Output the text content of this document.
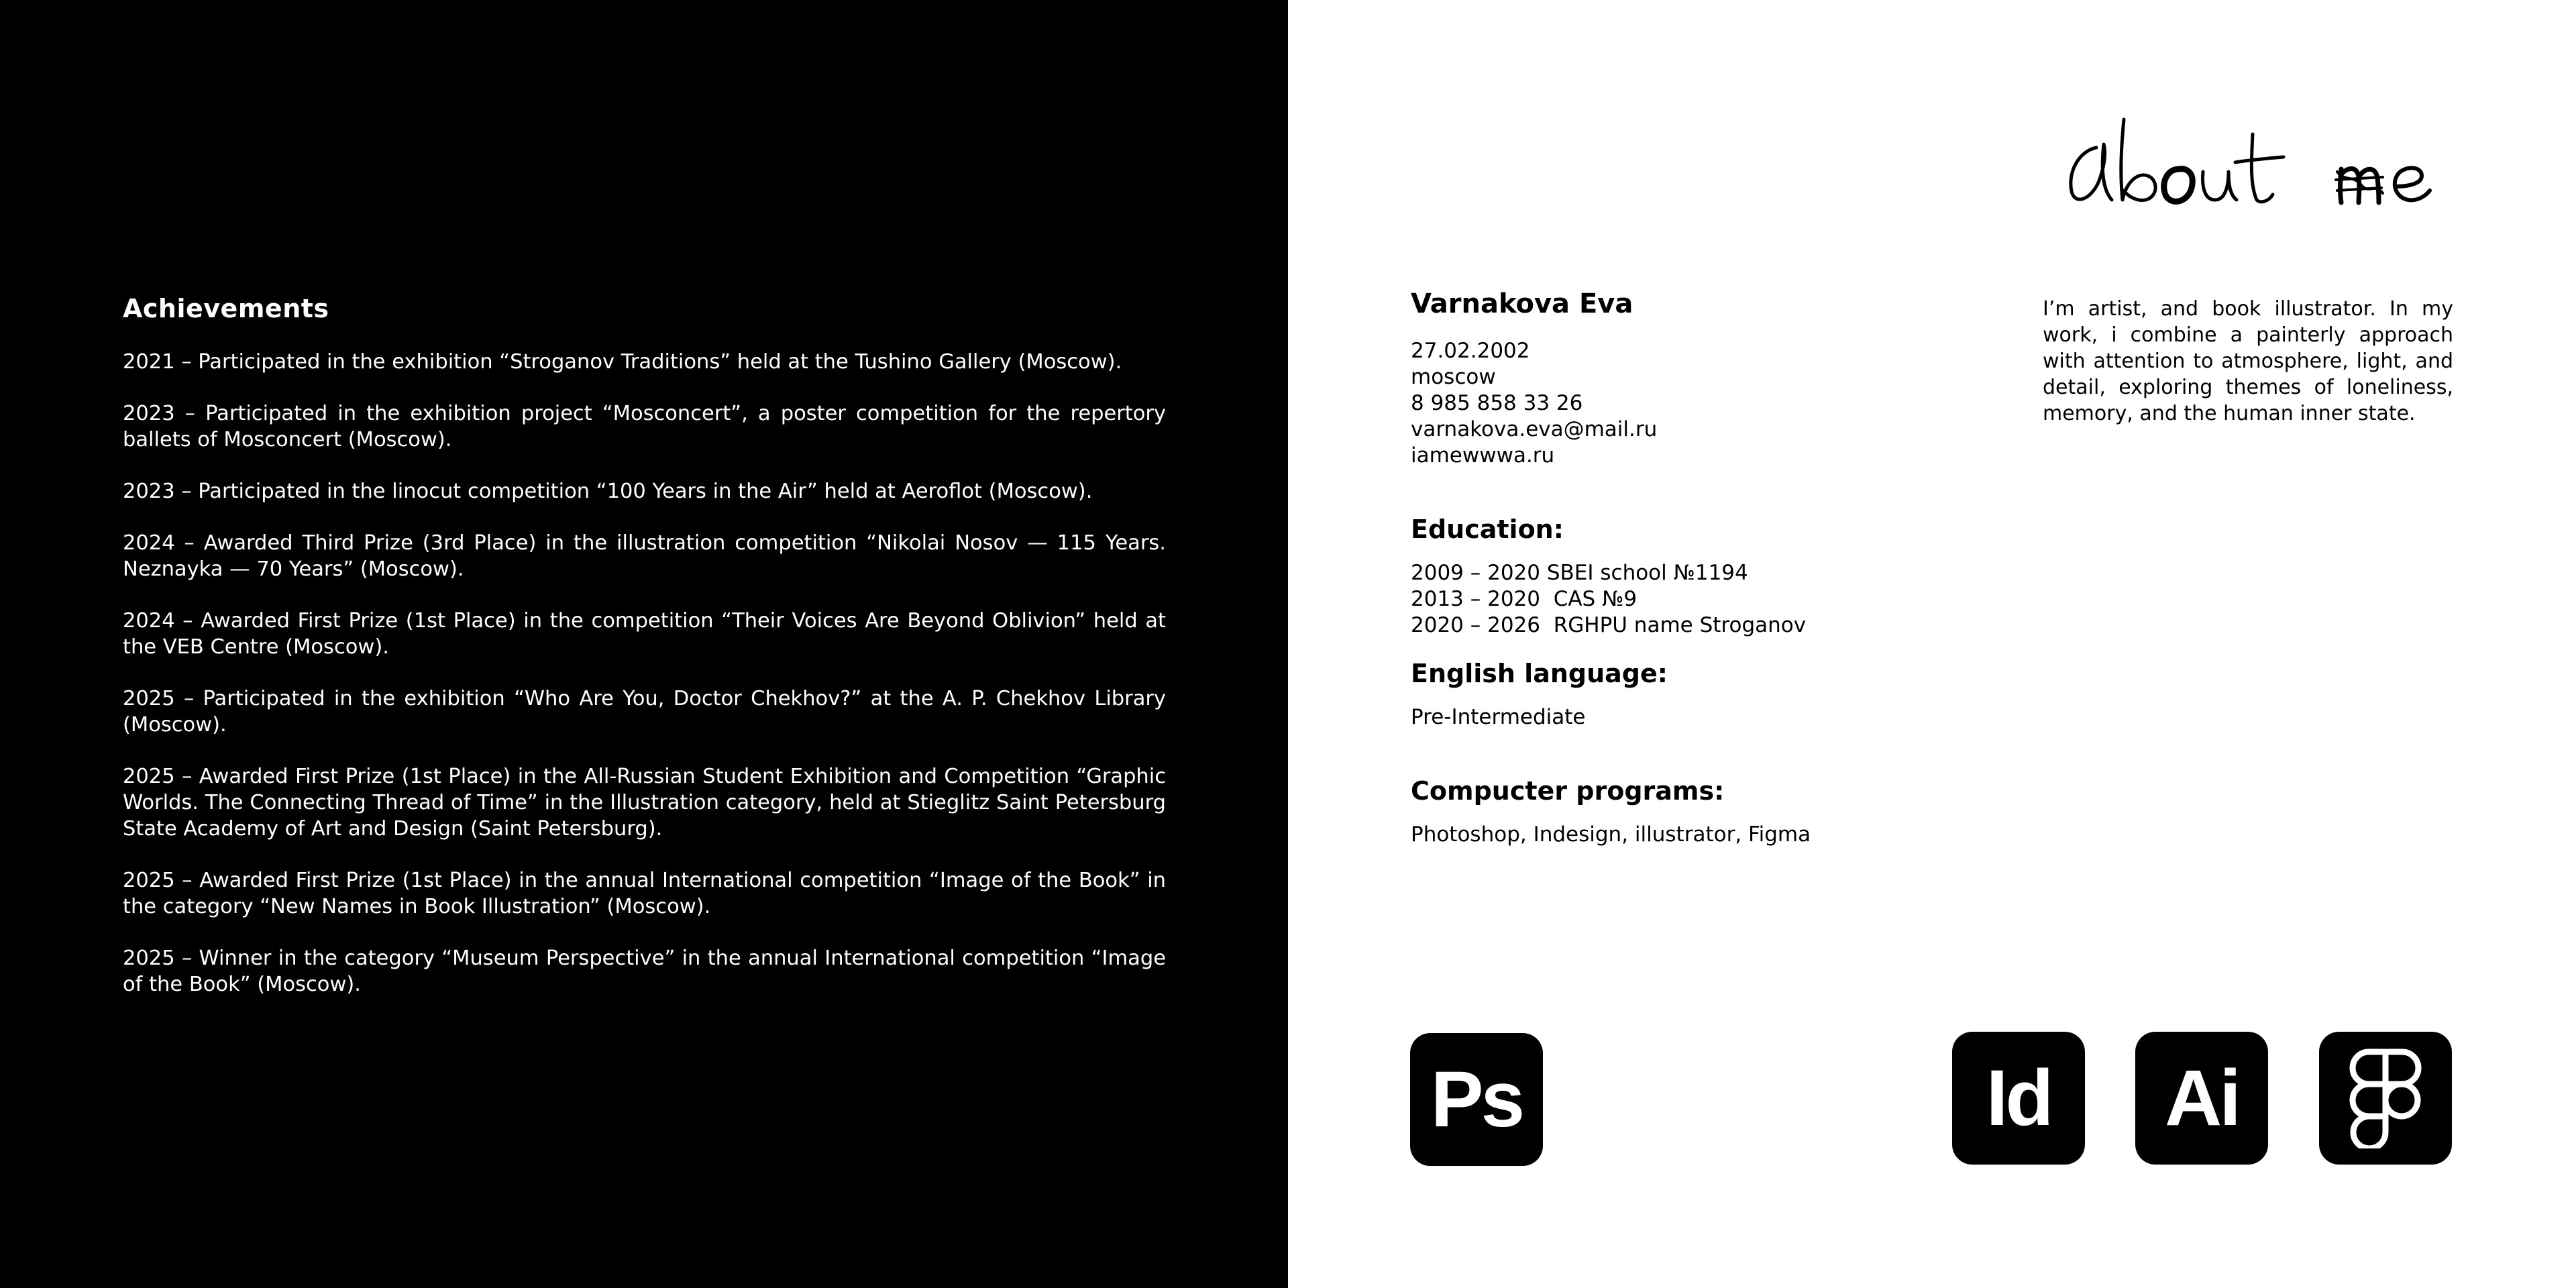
Achievements
2021 – Participated in the exhibition “Stroganov Traditions” held at the Tushino Gallery (Moscow).
2023 – Participated in the exhibition project “Mosconcert”, a poster competition for the repertory ballets of Mosconcert (Moscow).
2023 – Participated in the linocut competition “100 Years in the Air” held at Aeroflot (Moscow).
2024 – Awarded Third Prize (3rd Place) in the illustration competition “Nikolai Nosov — 115 Years. Neznayka — 70 Years” (Moscow).
2024 – Awarded First Prize (1st Place) in the competition “Their Voices Are Beyond Oblivion” held at the VEB Centre (Moscow).
2025 – Participated in the exhibition “Who Are You, Doctor Chekhov?” at the A. P. Chekhov Library (Moscow).
2025 – Awarded First Prize (1st Place) in the All-Russian Student Exhibition and Competition “Graphic Worlds. The Connecting Thread of Time” in the Illustration category, held at Stieglitz Saint Petersburg State Academy of Art and Design (Saint Petersburg).
2025 – Awarded First Prize (1st Place) in the annual International competition “Image of the Book” in the category “New Names in Book Illustration” (Moscow).
2025 – Winner in the category “Museum Perspective” in the annual International competition “Image of the Book” (Moscow).
Varnakova Eva

27.02.2002

moscow

8 985 858 33 26

varnakova.eva@mail.ru

iamewwwa.ru

Education:

2009 – 2020 SBEI school №1194

2013 – 2020  CAS №9

2020 – 2026  RGHPU name Stroganov

English language:

Pre-Intermediate

Compucter programs:

Photoshop, Indesign, illustrator, Figma

I’m artist, and book illustrator. In my work, i combine a painterly approach with attention to atmosphere, light, and detail, exploring themes of loneliness, memory, and the human inner state.

Ps	Id Ai
